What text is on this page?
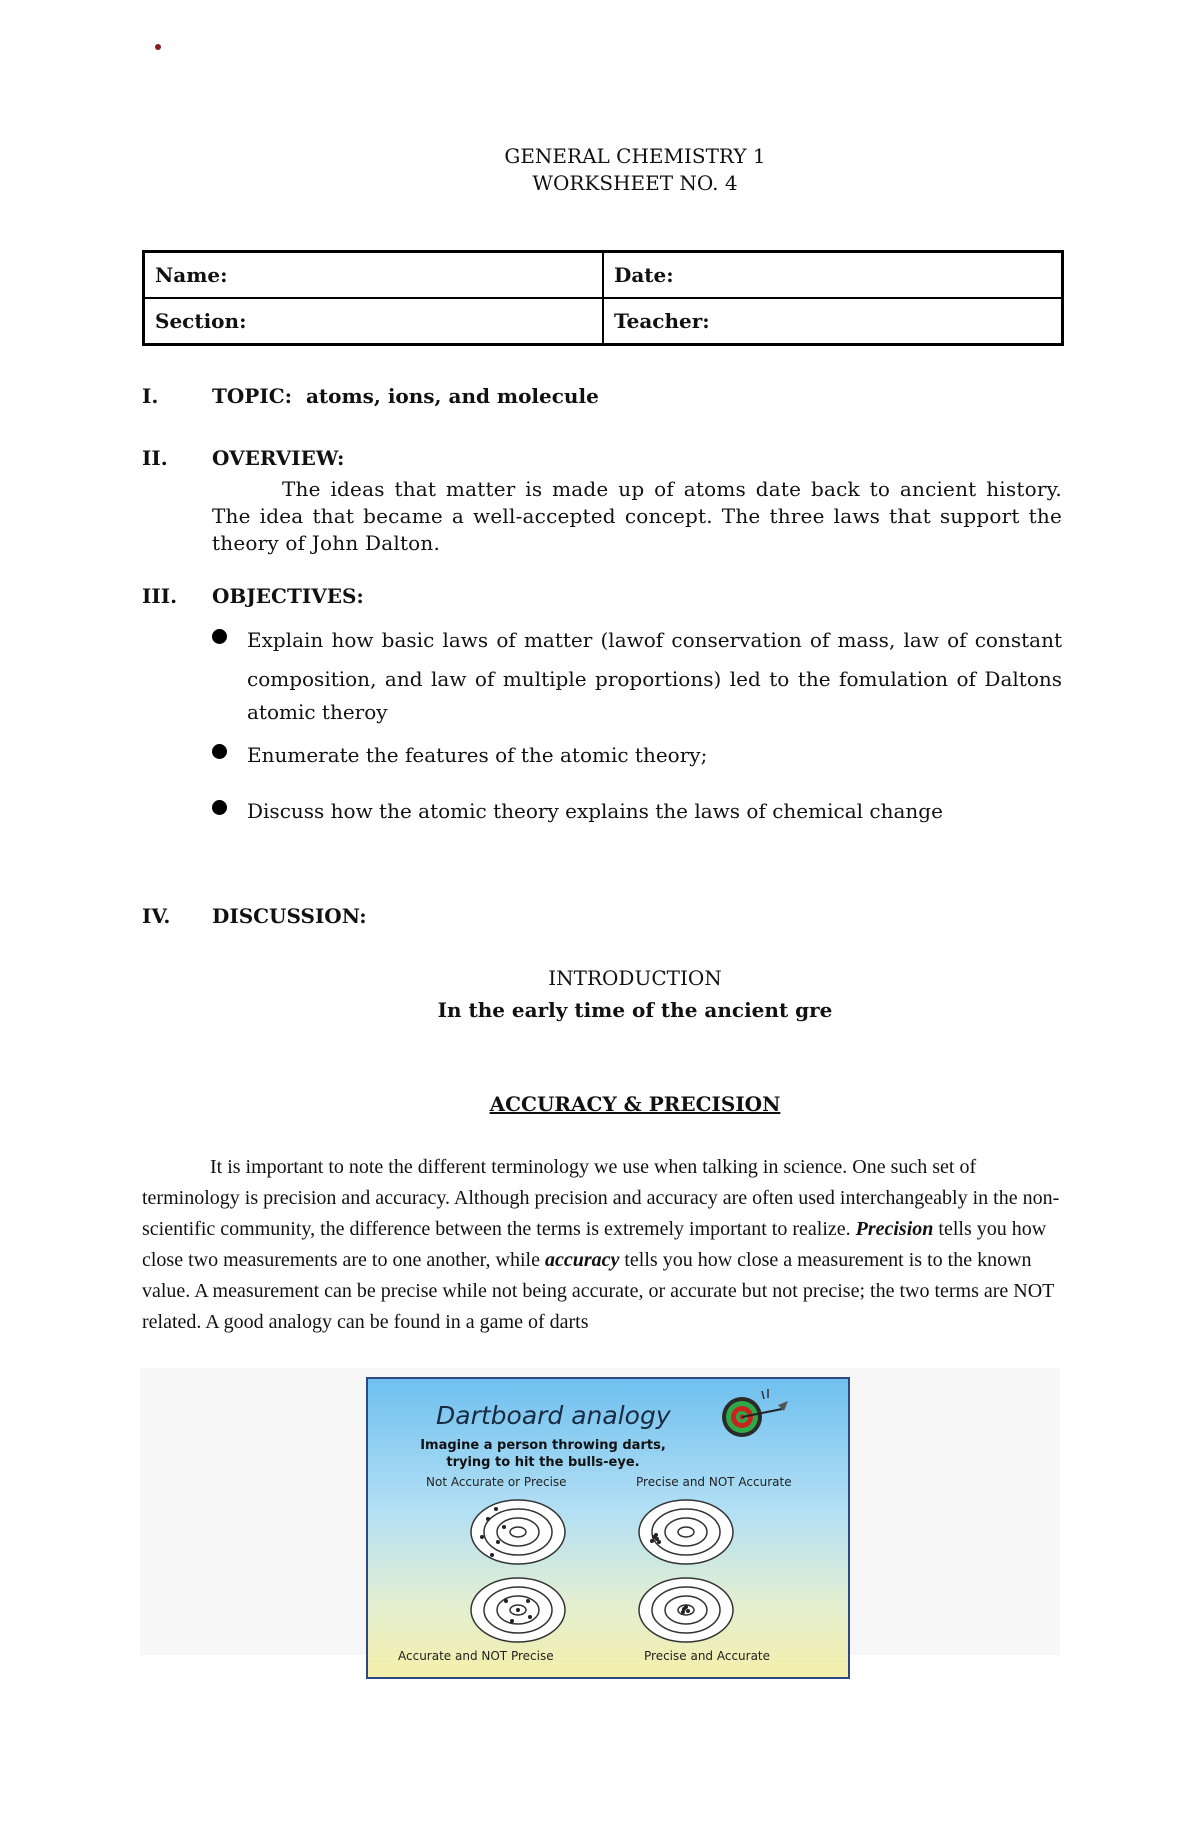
GENERAL CHEMISTRY 1
WORKSHEET NO. 4
Name:	Date:
Section:	Teacher:
I.	TOPIC: atoms, ions, and molecule
II. OVERVIEW:
The ideas that matter is made up of atoms date back to ancient history. The idea that became a well-accepted concept. The three laws that support the theory of John Dalton.
III. OBJECTIVES:
Explain how basic laws of matter (lawof conservation of mass, law of constant
composition, and law of multiple proportions) led to the fomulation of Daltons
atomic theroy
Enumerate the features of the atomic theory;
Discuss how the atomic theory explains the laws of chemical change
IV. DISCUSSION:
INTRODUCTION
In the early time of the ancient gre
ACCURACY & PRECISION
It is important to note the different terminology we use when talking in science. One such set of terminology is precision and accuracy. Although precision and accuracy are often used interchangeably in the non-scientific community, the difference between the terms is extremely important to realize. Precision tells you how close two measurements are to one another, while accuracy tells you how close a measurement is to the known value. A measurement can be precise while not being accurate, or accurate but not precise; the two terms are NOT related. A good analogy can be found in a game of darts
Dartboard analogy
Imagine a person throwing darts,
trying to hit the bulls-eye.
Not Accurate or Precise	Precise and NOT Accurate
Accurate and NOT Precise	Precise and Accurate
